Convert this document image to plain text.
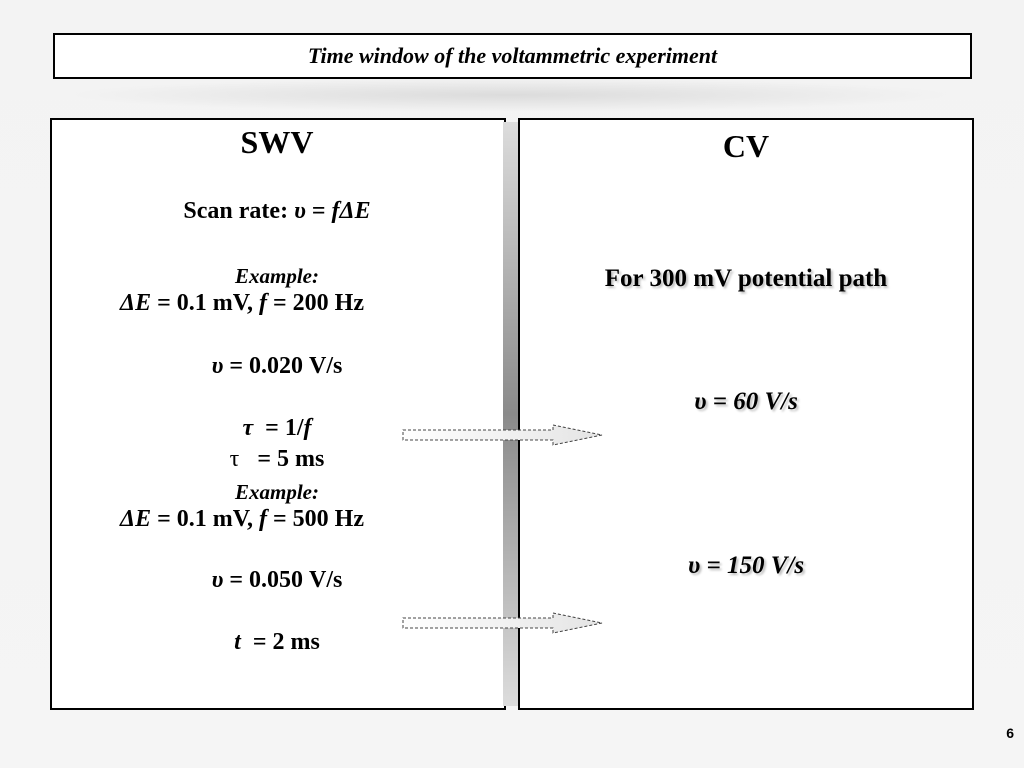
Time window of the voltammetric experiment
SWV
Scan rate: υ = fΔE
Example:
ΔE = 0.1 mV, f = 200 Hz
υ = 0.020 V/s
τ  = 1/f
τ   = 5 ms
Example:
ΔE = 0.1 mV, f = 500 Hz
υ = 0.050 V/s
t  = 2 ms
CV
For 300 mV potential path
υ = 60 V/s
υ = 150 V/s
6
